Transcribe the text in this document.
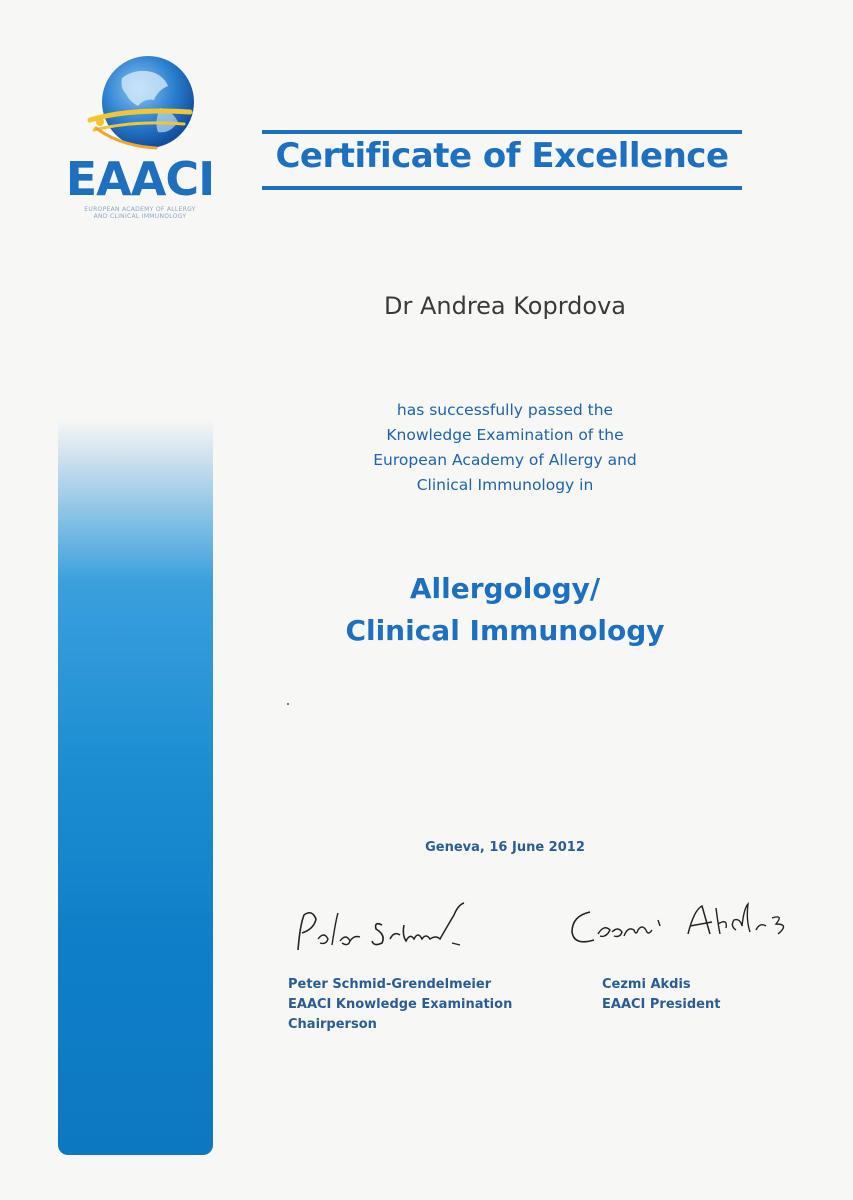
EAACI
EUROPEAN ACADEMY OF ALLERGY
AND CLINICAL IMMUNOLOGY
Certificate of Excellence
Dr Andrea Koprdova
has successfully passed the
Knowledge Examination of the
European Academy of Allergy and
Clinical Immunology in
Allergology/
Clinical Immunology
Geneva, 16 June 2012
Peter Schmid-Grendelmeier
EAACI Knowledge Examination
Chairperson
Cezmi Akdis
EAACI President
